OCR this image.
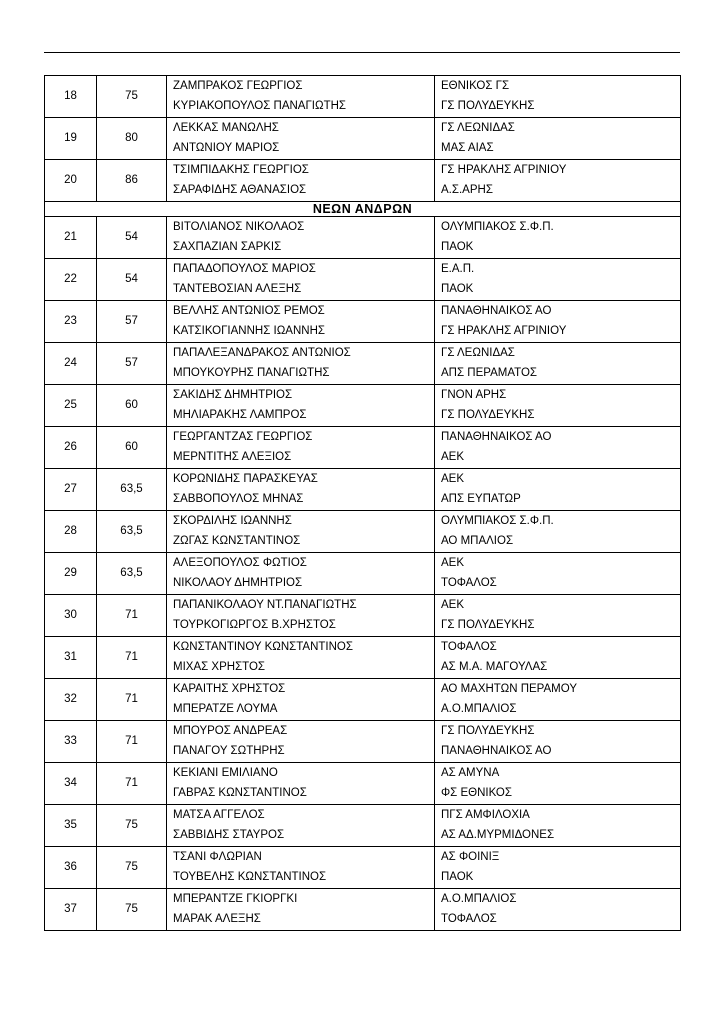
18	75	
ΖΑΜΠΡΑΚΟΣ ΓΕΩΡΓΙΟΣ
ΚΥΡΙΑΚΟΠΟΥΛΟΣ ΠΑΝΑΓΙΩΤΗΣ

ΕΘΝΙΚΟΣ ΓΣ
ΓΣ ΠΟΛΥΔΕΥΚΗΣ

19	80	
ΛΕΚΚΑΣ ΜΑΝΩΛΗΣ
ΑΝΤΩΝΙΟΥ ΜΑΡΙΟΣ

ΓΣ ΛΕΩΝΙΔΑΣ
ΜΑΣ ΑΙΑΣ

20	86	
ΤΣΙΜΠΙΔΑΚΗΣ ΓΕΩΡΓΙΟΣ
ΣΑΡΑΦΙΔΗΣ ΑΘΑΝΑΣΙΟΣ

ΓΣ ΗΡΑΚΛΗΣ ΑΓΡΙΝΙΟΥ
Α.Σ.ΑΡΗΣ

ΝΕΩΝ ΑΝΔΡΩΝ			
21	54	
ΒΙΤΟΛΙΑΝΟΣ ΝΙΚΟΛΑΟΣ
ΣΑΧΠΑΖΙΑΝ ΣΑΡΚΙΣ

ΟΛΥΜΠΙΑΚΟΣ Σ.Φ.Π.
ΠΑΟΚ

22	54	
ΠΑΠΑΔΟΠΟΥΛΟΣ ΜΑΡΙΟΣ
ΤΑΝΤΕΒΟΣΙΑΝ ΑΛΕΞΗΣ

Ε.Α.Π.
ΠΑΟΚ

23	57	
ΒΕΛΛΗΣ ΑΝΤΩΝΙΟΣ ΡΕΜΟΣ
ΚΑΤΣΙΚΟΓΙΑΝΝΗΣ ΙΩΑΝΝΗΣ

ΠΑΝΑΘΗΝΑΙΚΟΣ ΑΟ
ΓΣ ΗΡΑΚΛΗΣ ΑΓΡΙΝΙΟΥ

24	57	
ΠΑΠΑΛΕΞΑΝΔΡΑΚΟΣ ΑΝΤΩΝΙΟΣ
ΜΠΟΥΚΟΥΡΗΣ ΠΑΝΑΓΙΩΤΗΣ

ΓΣ ΛΕΩΝΙΔΑΣ
ΑΠΣ ΠΕΡΑΜΑΤΟΣ

25	60	
ΣΑΚΙΔΗΣ ΔΗΜΗΤΡΙΟΣ
ΜΗΛΙΑΡΑΚΗΣ ΛΑΜΠΡΟΣ

ΓΝΟΝ ΑΡΗΣ
ΓΣ ΠΟΛΥΔΕΥΚΗΣ

26	60	
ΓΕΩΡΓΑΝΤΖΑΣ ΓΕΩΡΓΙΟΣ
ΜΕΡΝΤΙΤΗΣ ΑΛΕΞΙΟΣ

ΠΑΝΑΘΗΝΑΙΚΟΣ ΑΟ
ΑΕΚ

27	63,5	
ΚΟΡΩΝΙΔΗΣ ΠΑΡΑΣΚΕΥΑΣ
ΣΑΒΒΟΠΟΥΛΟΣ ΜΗΝΑΣ

ΑΕΚ
ΑΠΣ ΕΥΠΑΤΩΡ

28	63,5	
ΣΚΟΡΔΙΛΗΣ ΙΩΑΝΝΗΣ
ΖΩΓΑΣ ΚΩΝΣΤΑΝΤΙΝΟΣ

ΟΛΥΜΠΙΑΚΟΣ Σ.Φ.Π.
ΑΟ ΜΠΑΛΙΟΣ

29	63,5	
ΑΛΕΞΟΠΟΥΛΟΣ ΦΩΤΙΟΣ
ΝΙΚΟΛΑΟΥ ΔΗΜΗΤΡΙΟΣ

ΑΕΚ
ΤΟΦΑΛΟΣ

30	71	
ΠΑΠΑΝΙΚΟΛΑΟΥ ΝΤ.ΠΑΝΑΓΙΩΤΗΣ
ΤΟΥΡΚΟΓΙΩΡΓΟΣ Β.ΧΡΗΣΤΟΣ

ΑΕΚ
ΓΣ ΠΟΛΥΔΕΥΚΗΣ

31	71	
ΚΩΝΣΤΑΝΤΙΝΟΥ ΚΩΝΣΤΑΝΤΙΝΟΣ
ΜΙΧΑΣ ΧΡΗΣΤΟΣ

ΤΟΦΑΛΟΣ
ΑΣ Μ.Α. ΜΑΓΟΥΛΑΣ

32	71	
ΚΑΡΑΙΤΗΣ ΧΡΗΣΤΟΣ
ΜΠΕΡΑΤΖΕ ΛΟΥΜΑ

ΑΟ ΜΑΧΗΤΩΝ ΠΕΡΑΜΟΥ
Α.Ο.ΜΠΑΛΙΟΣ

33	71	
ΜΠΟΥΡΟΣ ΑΝΔΡΕΑΣ
ΠΑΝΑΓΟΥ ΣΩΤΗΡΗΣ

ΓΣ ΠΟΛΥΔΕΥΚΗΣ
ΠΑΝΑΘΗΝΑΙΚΟΣ ΑΟ

34	71	
ΚΕΚΙΑΝΙ ΕΜΙΛΙΑΝΟ
ΓΑΒΡΑΣ ΚΩΝΣΤΑΝΤΙΝΟΣ

ΑΣ ΑΜΥΝΑ
ΦΣ ΕΘΝΙΚΟΣ

35	75	
ΜΑΤΣΑ ΑΓΓΕΛΟΣ
ΣΑΒΒΙΔΗΣ ΣΤΑΥΡΟΣ

ΠΓΣ ΑΜΦΙΛΟΧΙΑ
ΑΣ ΑΔ.ΜΥΡΜΙΔΟΝΕΣ

36	75	
ΤΣΑΝΙ ΦΛΩΡΙΑΝ
ΤΟΥΒΕΛΗΣ ΚΩΝΣΤΑΝΤΙΝΟΣ

ΑΣ ΦΟΙΝΙΞ
ΠΑΟΚ

37	75	
ΜΠΕΡΑΝΤΖΕ ΓΚΙΟΡΓΚΙ
ΜΑΡΑΚ ΑΛΕΞΗΣ

Α.Ο.ΜΠΑΛΙΟΣ
ΤΟΦΑΛΟΣ
